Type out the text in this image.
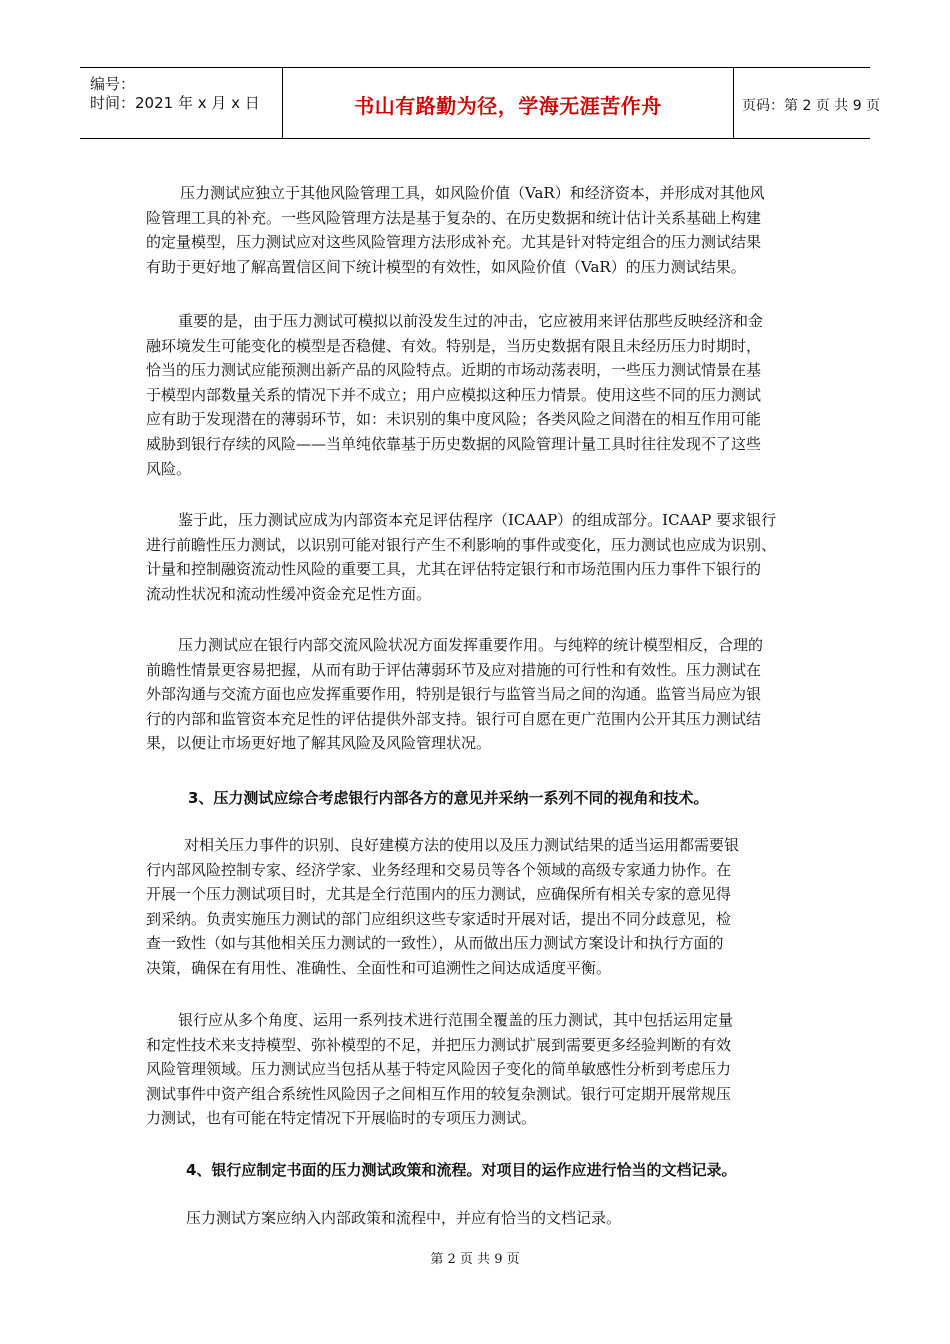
编号：
时间：2021 年 x 月 x 日	书山有路勤为径，学海无涯苦作舟	页码：第 2 页 共 9 页
压力测试应独立于其他风险管理工具，如风险价值（VaR）和经济资本，并形成对其他风
险管理工具的补充。一些风险管理方法是基于复杂的、在历史数据和统计估计关系基础上构建
的定量模型，压力测试应对这些风险管理方法形成补充。尤其是针对特定组合的压力测试结果
有助于更好地了解高置信区间下统计模型的有效性，如风险价值（VaR）的压力测试结果。
重要的是，由于压力测试可模拟以前没发生过的冲击，它应被用来评估那些反映经济和金
融环境发生可能变化的模型是否稳健、有效。特别是，当历史数据有限且未经历压力时期时，
恰当的压力测试应能预测出新产品的风险特点。近期的市场动荡表明，一些压力测试情景在基
于模型内部数量关系的情况下并不成立；用户应模拟这种压力情景。使用这些不同的压力测试
应有助于发现潜在的薄弱环节，如：未识别的集中度风险；各类风险之间潜在的相互作用可能
威胁到银行存续的风险——当单纯依靠基于历史数据的风险管理计量工具时往往发现不了这些
风险。
鉴于此，压力测试应成为内部资本充足评估程序（ICAAP）的组成部分。ICAAP 要求银行
进行前瞻性压力测试，以识别可能对银行产生不利影响的事件或变化，压力测试也应成为识别、
计量和控制融资流动性风险的重要工具，尤其在评估特定银行和市场范围内压力事件下银行的
流动性状况和流动性缓冲资金充足性方面。
压力测试应在银行内部交流风险状况方面发挥重要作用。与纯粹的统计模型相反，合理的
前瞻性情景更容易把握，从而有助于评估薄弱环节及应对措施的可行性和有效性。压力测试在
外部沟通与交流方面也应发挥重要作用，特别是银行与监管当局之间的沟通。监管当局应为银
行的内部和监管资本充足性的评估提供外部支持。银行可自愿在更广范围内公开其压力测试结
果，以便让市场更好地了解其风险及风险管理状况。
3、压力测试应综合考虑银行内部各方的意见并采纳一系列不同的视角和技术。
对相关压力事件的识别、良好建模方法的使用以及压力测试结果的适当运用都需要银
行内部风险控制专家、经济学家、业务经理和交易员等各个领域的高级专家通力协作。在
开展一个压力测试项目时，尤其是全行范围内的压力测试，应确保所有相关专家的意见得
到采纳。负责实施压力测试的部门应组织这些专家适时开展对话，提出不同分歧意见，检
查一致性（如与其他相关压力测试的一致性），从而做出压力测试方案设计和执行方面的
决策，确保在有用性、准确性、全面性和可追溯性之间达成适度平衡。
银行应从多个角度、运用一系列技术进行范围全覆盖的压力测试，其中包括运用定量
和定性技术来支持模型、弥补模型的不足，并把压力测试扩展到需要更多经验判断的有效
风险管理领域。压力测试应当包括从基于特定风险因子变化的简单敏感性分析到考虑压力
测试事件中资产组合系统性风险因子之间相互作用的较复杂测试。银行可定期开展常规压
力测试，也有可能在特定情况下开展临时的专项压力测试。
4、银行应制定书面的压力测试政策和流程。对项目的运作应进行恰当的文档记录。
压力测试方案应纳入内部政策和流程中，并应有恰当的文档记录。
第 2 页 共 9 页
